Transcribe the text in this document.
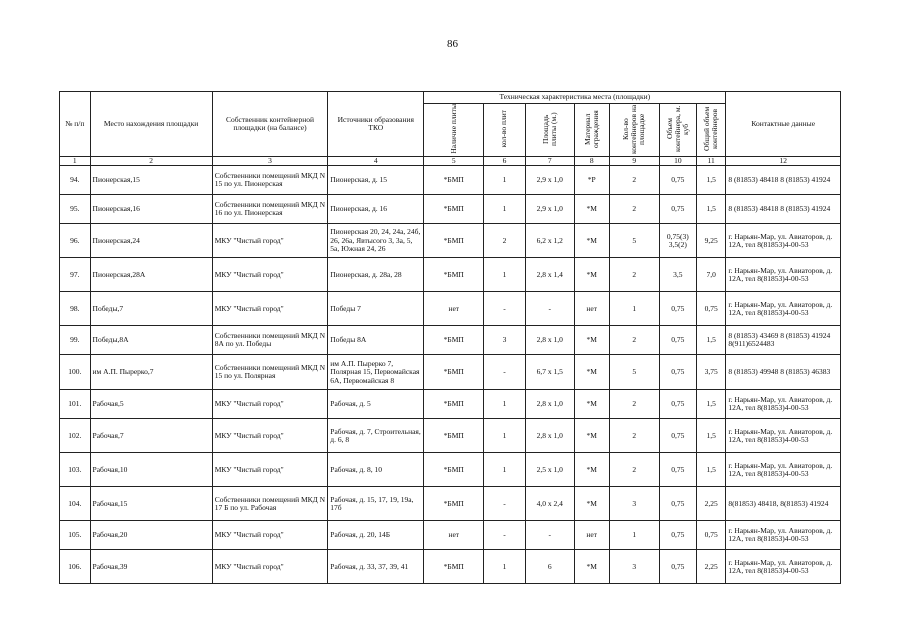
86
№ п/п	Место нахождения площадки	Собственник контейнерной площадки (на балансе)	Источники образования ТКО	Техническая характеристика места (площадки)							Контактные данные
				Наличие плиты	кол-во плит	Площадь плиты (м.)	Материал ограждения	Кол-во контейнеров на площадке	Объем контейнера, м. куб	Общий объем контейнеров	
1	2	3	4	5	6	7	8	9	10	11	12
94.	Пионерская,15	Собственники помещений МКД N 15 по ул. Пионерская	Пионерская, д. 15	*БМП	1	2,9 x 1,0	*Р	2	0,75	1,5	8 (81853) 48418 8 (81853) 41924
95.	Пионерская,16	Собственники помещений МКД N 16 по ул. Пионерская	Пионерская, д. 16	*БМП	1	2,9 x 1,0	*М	2	0,75	1,5	8 (81853) 48418 8 (81853) 41924
96.	Пионерская,24	МКУ "Чистый город"	Пионерская 20, 24, 24а, 24б, 26, 26а, Явтысого 3, 3а, 5, 5а, Южная 24, 26	*БМП	2	6,2 x 1,2	*М	5	0,75(3) 3,5(2)	9,25	г. Нарьян-Мар, ул. Авиаторов, д. 12А, тел 8(81853)4-00-53
97.	Пионерская,28А	МКУ "Чистый город"	Пионерская, д. 28а, 28	*БМП	1	2,8 x 1,4	*М	2	3,5	7,0	г. Нарьян-Мар, ул. Авиаторов, д. 12А, тел 8(81853)4-00-53
98.	Победы,7	МКУ "Чистый город"	Победы 7	нет	-	-	нет	1	0,75	0,75	г. Нарьян-Мар, ул. Авиаторов, д. 12А, тел 8(81853)4-00-53
99.	Победы,8А	Собственники помещений МКД N 8А по ул. Победы	Победы 8А	*БМП	3	2,8 x 1,0	*М	2	0,75	1,5	8 (81853) 43469 8 (81853) 41924 8(911)6524483
100.	им А.П. Пырерко,7	Собственники помещений МКД N 15 по ул. Полярная	им А.П. Пырерко 7, Полярная 15, Первомайская 6А, Первомайская 8	*БМП	-	6,7 x 1,5	*М	5	0,75	3,75	8 (81853) 49948 8 (81853) 46383
101.	Рабочая,5	МКУ "Чистый город"	Рабочая, д. 5	*БМП	1	2,8 x 1,0	*М	2	0,75	1,5	г. Нарьян-Мар, ул. Авиаторов, д. 12А, тел 8(81853)4-00-53
102.	Рабочая,7	МКУ "Чистый город"	Рабочая, д. 7, Строительная, д. 6, 8	*БМП	1	2,8 x 1,0	*М	2	0,75	1,5	г. Нарьян-Мар, ул. Авиаторов, д. 12А, тел 8(81853)4-00-53
103.	Рабочая,10	МКУ "Чистый город"	Рабочая, д. 8, 10	*БМП	1	2,5 x 1,0	*М	2	0,75	1,5	г. Нарьян-Мар, ул. Авиаторов, д. 12А, тел 8(81853)4-00-53
104.	Рабочая,15	Собственники помещений МКД N 17 Б по ул. Рабочая	Рабочая, д. 15, 17, 19, 19а, 17б	*БМП	-	4,0 x 2,4	*М	3	0,75	2,25	8(81853) 48418, 8(81853) 41924
105.	Рабочая,20	МКУ "Чистый город"	Рабочая, д. 20, 14Б	нет	-	-	нет	1	0,75	0,75	г. Нарьян-Мар, ул. Авиаторов, д. 12А, тел 8(81853)4-00-53
106.	Рабочая,39	МКУ "Чистый город"	Рабочая, д. 33, 37, 39, 41	*БМП	1	6	*М	3	0,75	2,25	г. Нарьян-Мар, ул. Авиаторов, д. 12А, тел 8(81853)4-00-53
